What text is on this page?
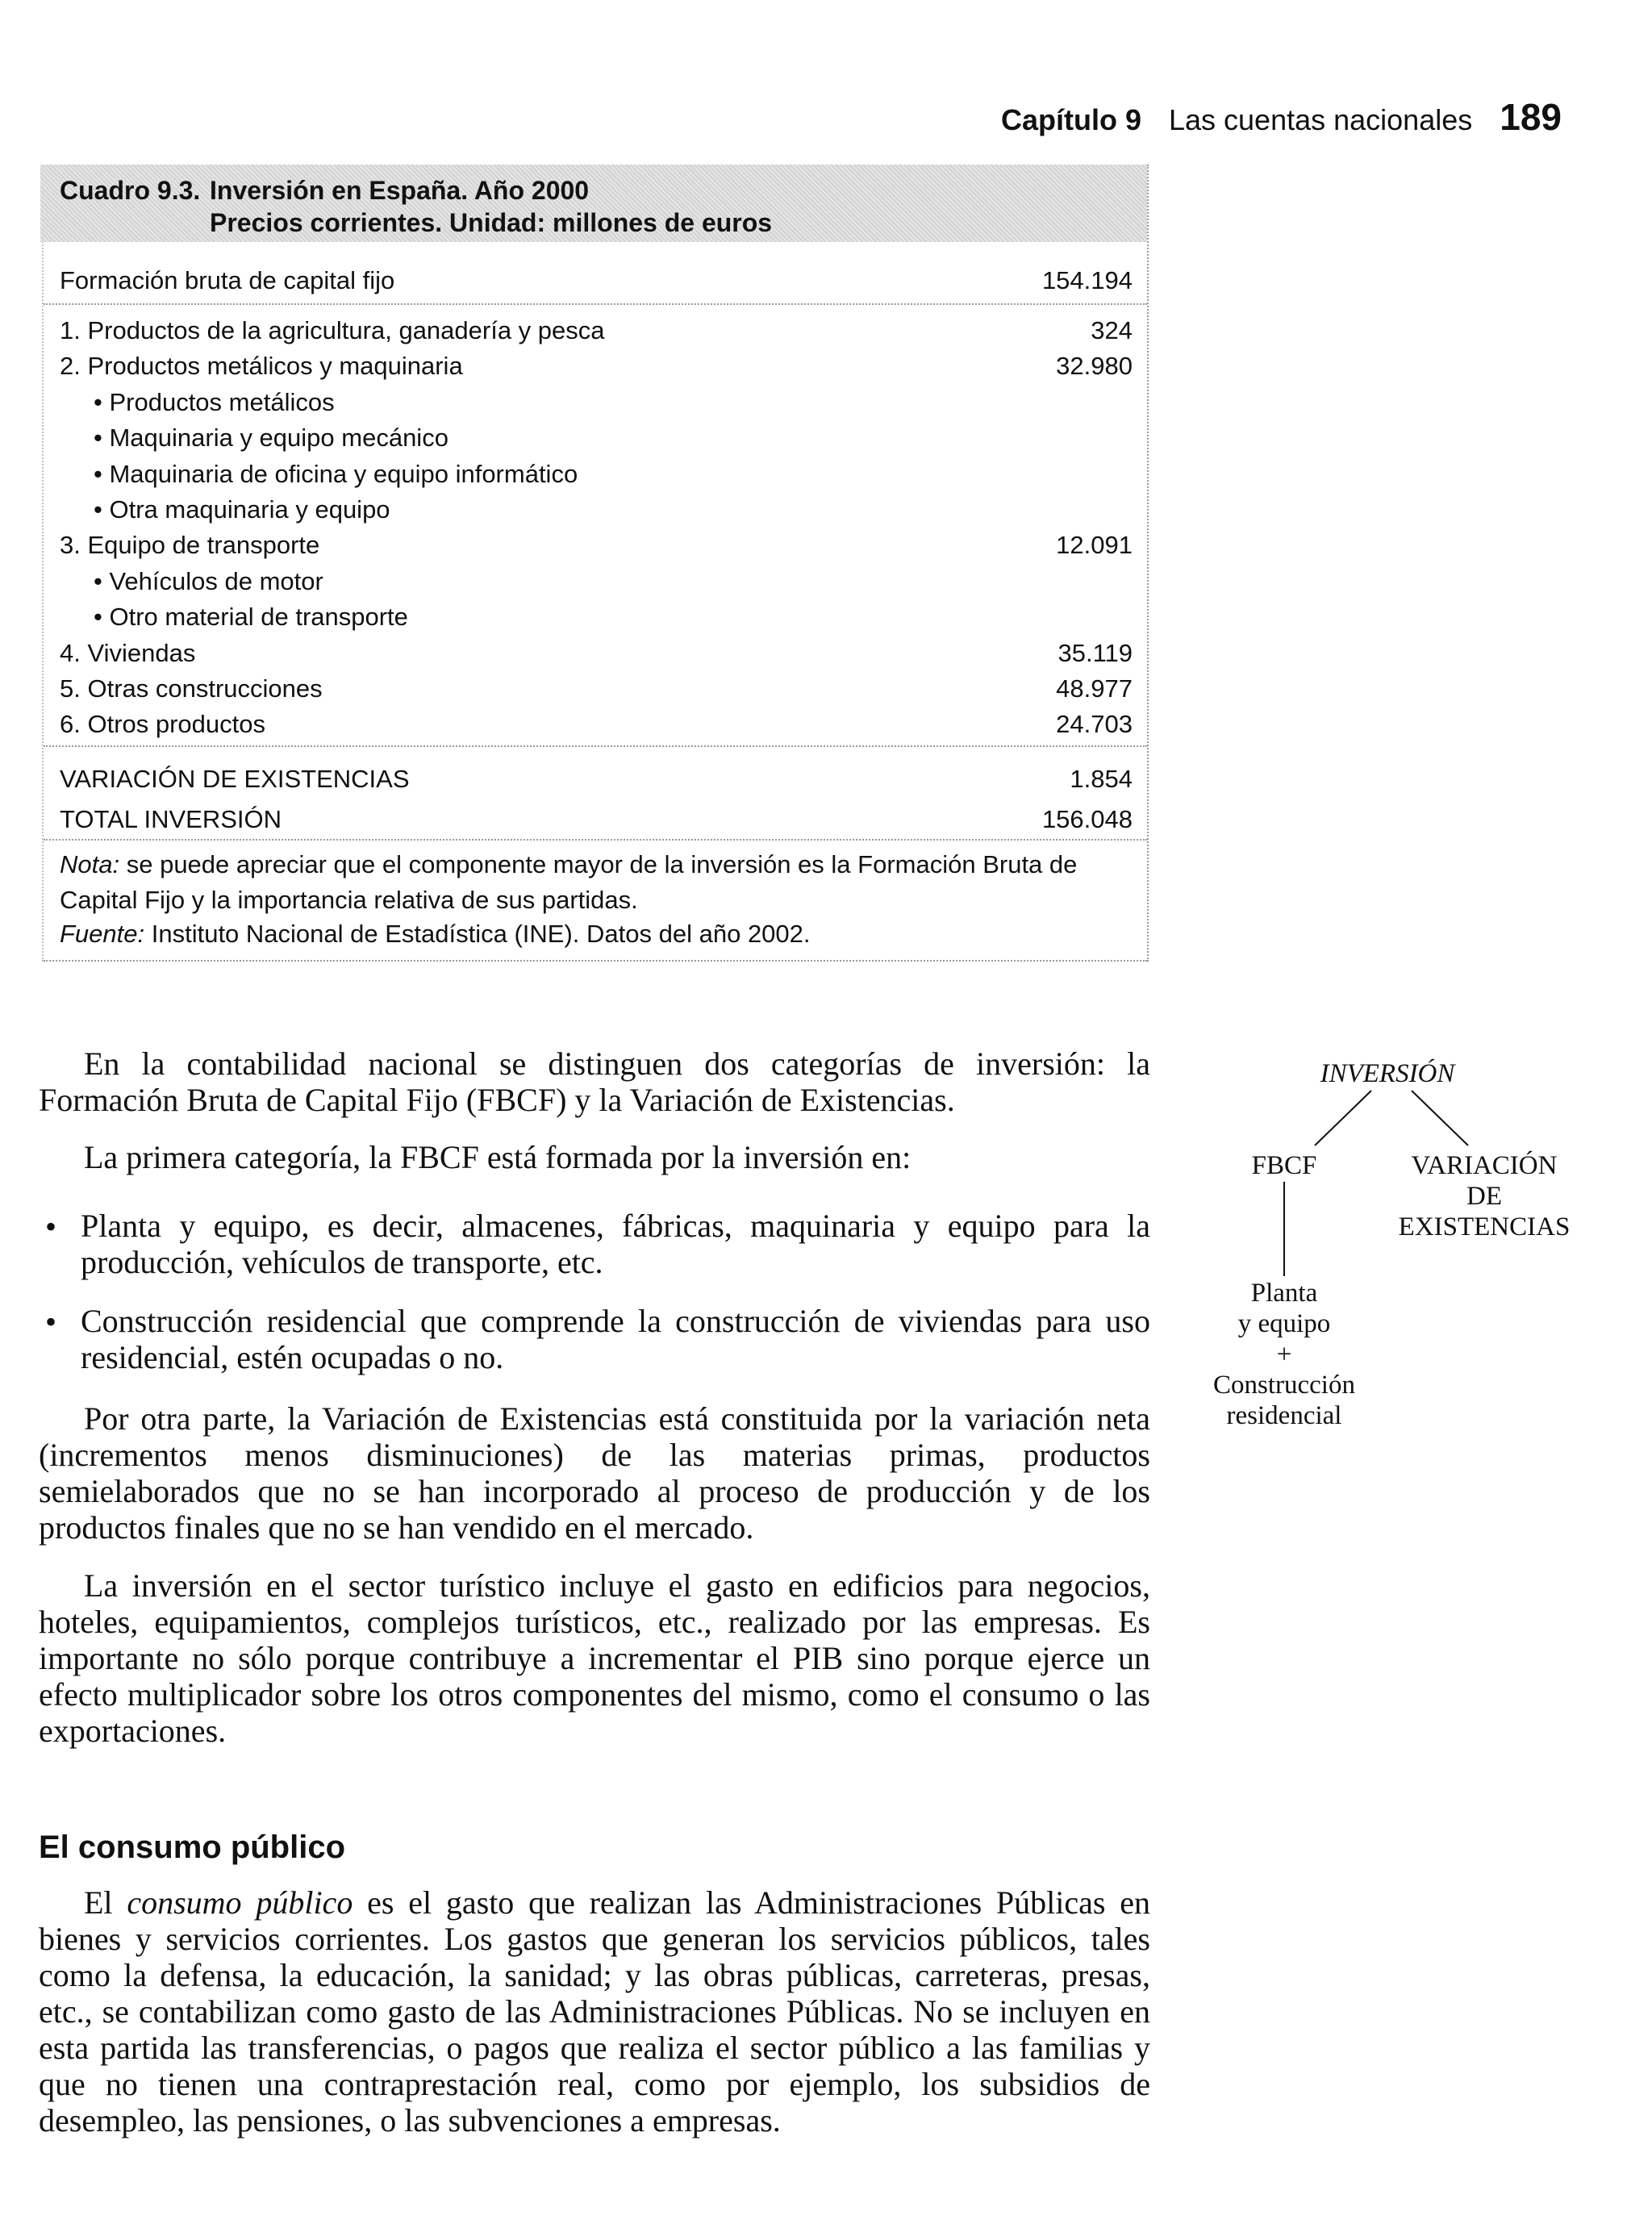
Capítulo 9 Las cuentas nacionales 189
Cuadro 9.3. Inversión en España. Año 2000
Precios corrientes. Unidad: millones de euros
Formación bruta de capital fijo	154.194
1. Productos de la agricultura, ganadería y pesca	324
2. Productos metálicos y maquinaria	32.980
• Productos metálicos
• Maquinaria y equipo mecánico
• Maquinaria de oficina y equipo informático
• Otra maquinaria y equipo
3. Equipo de transporte	12.091
• Vehículos de motor
• Otro material de transporte
4. Viviendas	35.119
5. Otras construcciones	48.977
6. Otros productos	24.703
VARIACIÓN DE EXISTENCIAS	1.854
TOTAL INVERSIÓN	156.048
Nota: se puede apreciar que el componente mayor de la inversión es la Formación Bruta de Capital Fijo y la importancia relativa de sus partidas.
Fuente: Instituto Nacional de Estadística (INE). Datos del año 2002.
En la contabilidad nacional se distinguen dos categorías de inversión: la Formación Bruta de Capital Fijo (FBCF) y la Variación de Existencias.
La primera categoría, la FBCF está formada por la inversión en:
• Planta y equipo, es decir, almacenes, fábricas, maquinaria y equipo para la producción, vehículos de transporte, etc.
• Construcción residencial que comprende la construcción de viviendas para uso residencial, estén ocupadas o no.
Por otra parte, la Variación de Existencias está constituida por la variación neta (incrementos menos disminuciones) de las materias primas, productos semielaborados que no se han incorporado al proceso de producción y de los productos finales que no se han vendido en el mercado.
La inversión en el sector turístico incluye el gasto en edificios para negocios, hoteles, equipamientos, complejos turísticos, etc., realizado por las empresas. Es importante no sólo porque contribuye a incrementar el PIB sino porque ejerce un efecto multiplicador sobre los otros componentes del mismo, como el consumo o las exportaciones.
El consumo público
El consumo público es el gasto que realizan las Administraciones Públicas en bienes y servicios corrientes. Los gastos que generan los servicios públicos, tales como la defensa, la educación, la sanidad; y las obras públicas, carreteras, presas, etc., se contabilizan como gasto de las Administraciones Públicas. No se incluyen en esta partida las transferencias, o pagos que realiza el sector público a las familias y que no tienen una contraprestación real, como por ejemplo, los subsidios de desempleo, las pensiones, o las subvenciones a empresas.
INVERSIÓN
FBCF	VARIACIÓN
DE
EXISTENCIAS
Planta
y equipo
+
Construcción
residencial
